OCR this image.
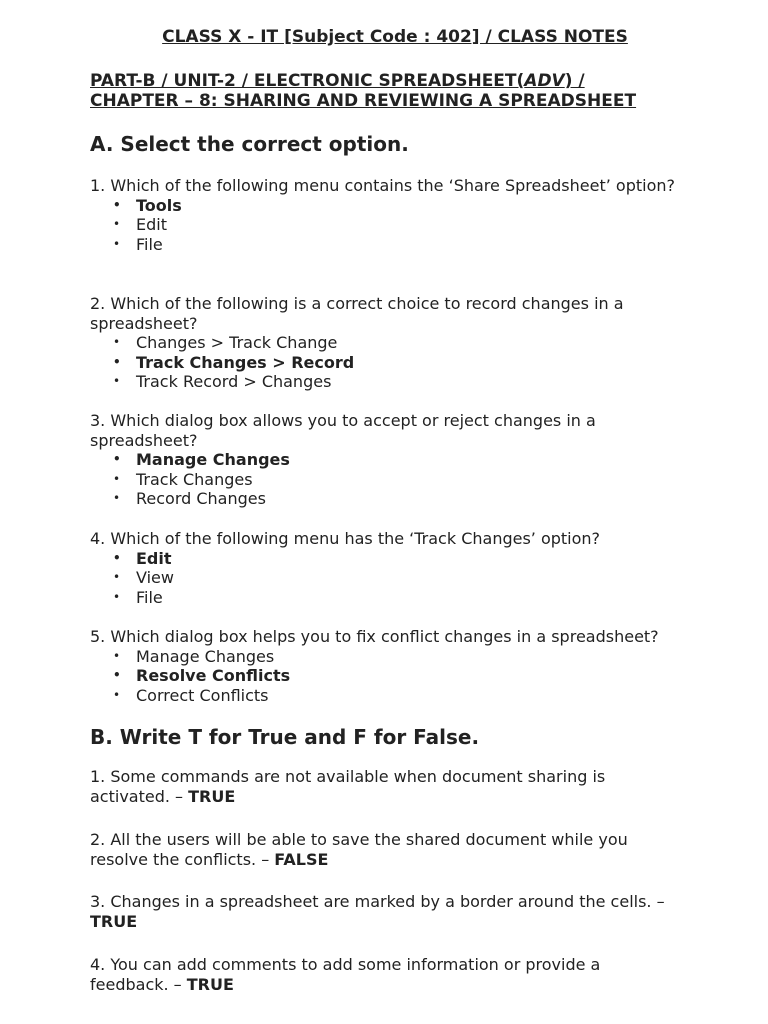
CLASS X - IT [Subject Code : 402] / CLASS NOTES
PART-B / UNIT-2 / ELECTRONIC SPREADSHEET(ADV) /
CHAPTER – 8: SHARING AND REVIEWING A SPREADSHEET
A. Select the correct option.

1. Which of the following menu contains the ‘Share Spreadsheet’ option?

• Tools
• Edit
• File

2. Which of the following is a correct choice to record changes in a spreadsheet?

• Changes > Track Change
• Track Changes > Record
• Track Record > Changes

3. Which dialog box allows you to accept or reject changes in a spreadsheet?

• Manage Changes
• Track Changes
• Record Changes

4. Which of the following menu has the ‘Track Changes’ option?

• Edit
• View
• File

5. Which dialog box helps you to fix conflict changes in a spreadsheet?

• Manage Changes
• Resolve Conflicts
• Correct Conflicts
B. Write T for True and F for False.

1. Some commands are not available when document sharing is activated. – TRUE

2. All the users will be able to save the shared document while you resolve the conflicts. – FALSE

3. Changes in a spreadsheet are marked by a border around the cells. – TRUE

4. You can add comments to add some information or provide a feedback. – TRUE
